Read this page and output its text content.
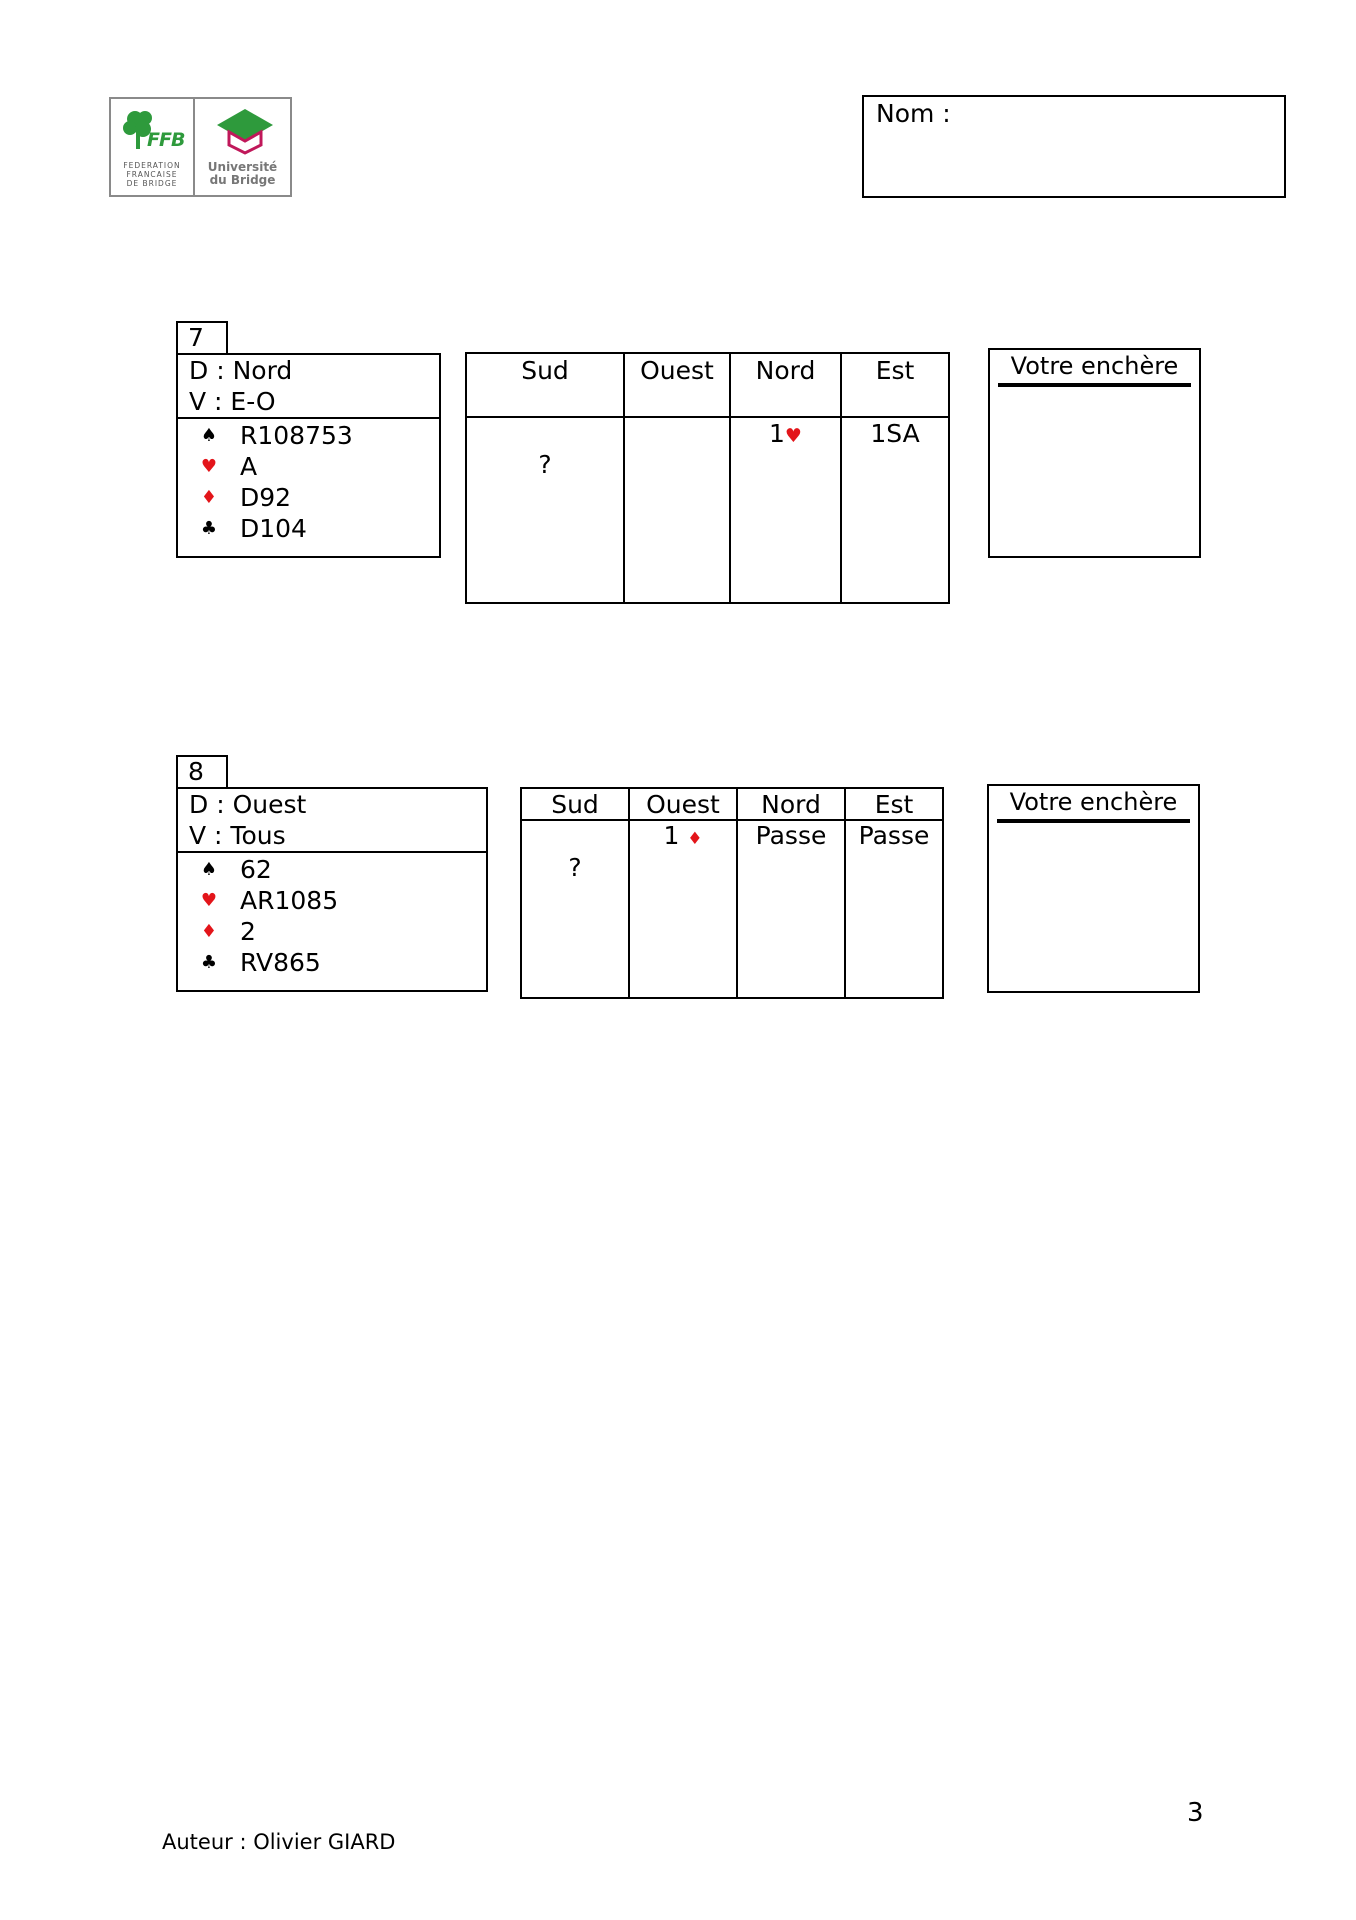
FFB
FEDERATION
FRANCAISE
DE BRIDGE
Université
du Bridge
Nom :
7
D : Nord
V : E-O
♠ R108753
♥ A
♦ D92
♣ D104
Sud	Ouest	Nord	Est
?		1♥	1SA
Votre enchère
8
D : Ouest
V : Tous
♠ 62
♥ AR1085
♦ 2
♣ RV865
Sud	Ouest	Nord	Est
?	1 ♦	Passe	Passe
Votre enchère
3
Auteur : Olivier GIARD
